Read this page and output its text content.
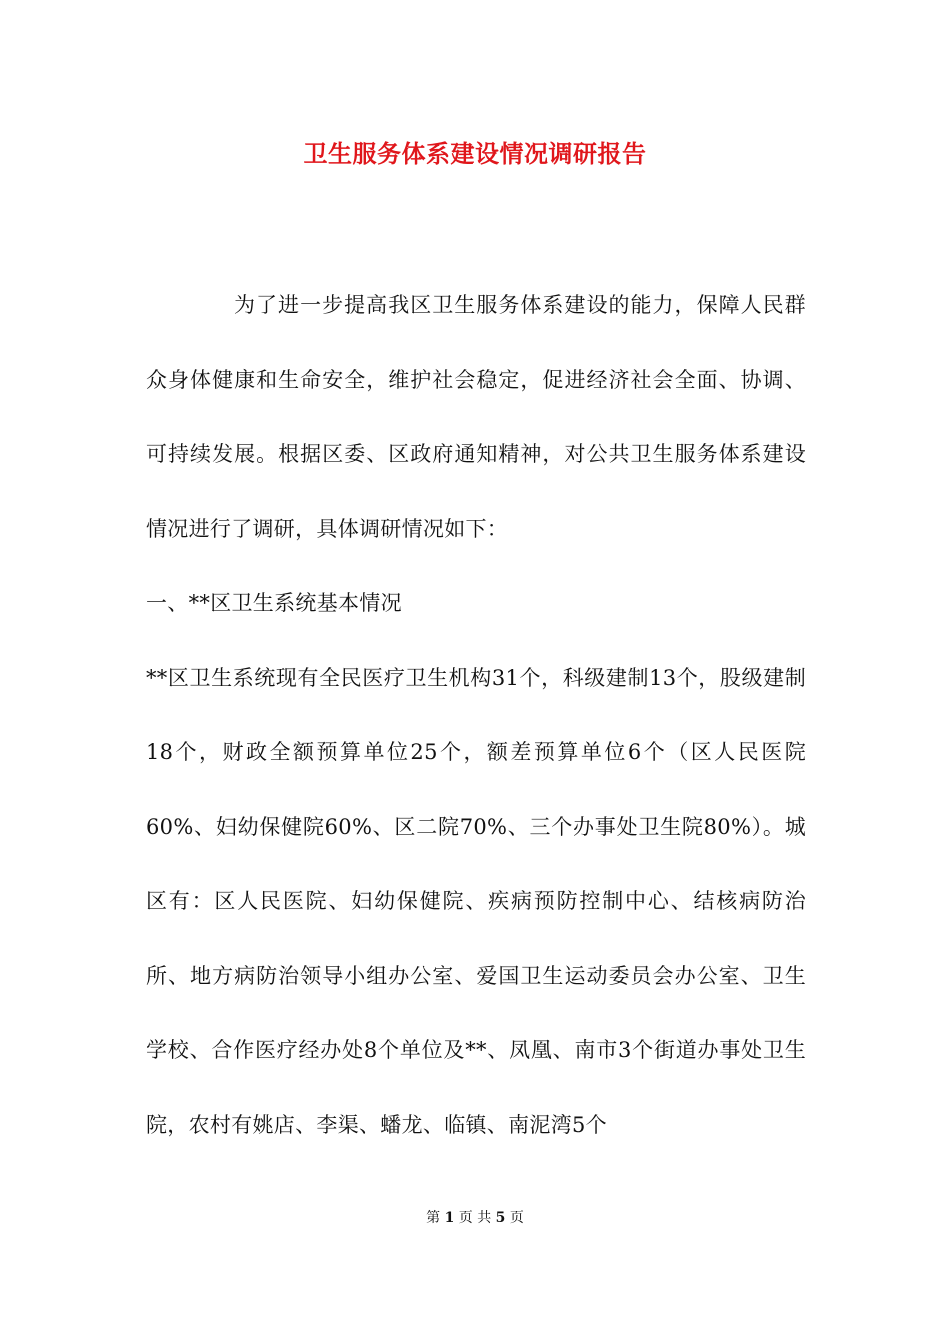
卫生服务体系建设情况调研报告

为了进一步提高我区卫生服务体系建设的能力，保障人民群众身体健康和生命安全，维护社会稳定，促进经济社会全面、协调、可持续发展。根据区委、区政府通知精神，对公共卫生服务体系建设情况进行了调研，具体调研情况如下：

一、**区卫生系统基本情况

**区卫生系统现有全民医疗卫生机构31个，科级建制13个，股级建制18个，财政全额预算单位25个，额差预算单位6个（区人民医院60%、妇幼保健院60%、区二院70%、三个办事处卫生院80%）。城区有：区人民医院、妇幼保健院、疾病预防控制中心、结核病防治所、地方病防治领导小组办公室、爱国卫生运动委员会办公室、卫生学校、合作医疗经办处8个单位及**、凤凰、南市3个街道办事处卫生院，农村有姚店、李渠、蟠龙、临镇、南泥湾5个

第 1 页 共 5 页
